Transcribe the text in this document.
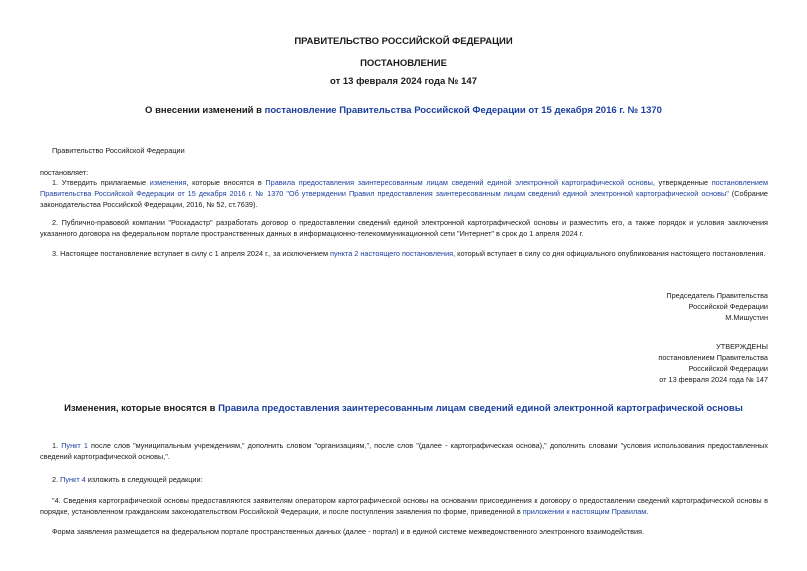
ПРАВИТЕЛЬСТВО РОССИЙСКОЙ ФЕДЕРАЦИИ
ПОСТАНОВЛЕНИЕ
от 13 февраля 2024 года № 147
О внесении изменений в постановление Правительства Российской Федерации от 15 декабря 2016 г. № 1370
Правительство Российской Федерации
постановляет:
1. Утвердить прилагаемые изменения, которые вносятся в Правила предоставления заинтересованным лицам сведений единой электронной картографической основы, утвержденные постановлением Правительства Российской Федерации от 15 декабря 2016 г. № 1370 "Об утверждении Правил предоставления заинтересованным лицам сведений единой электронной картографической основы" (Собрание законодательства Российской Федерации, 2016, № 52, ст.7639).
2. Публично-правовой компании "Роскадастр" разработать договор о предоставлении сведений единой электронной картографической основы и разместить его, а также порядок и условия заключения указанного договора на федеральном портале пространственных данных в информационно-телекоммуникационной сети "Интернет" в срок до 1 апреля 2024 г.
3. Настоящее постановление вступает в силу с 1 апреля 2024 г., за исключением пункта 2 настоящего постановления, который вступает в силу со дня официального опубликования настоящего постановления.
Председатель Правительства
Российской Федерации
М.Мишустин
УТВЕРЖДЕНЫ
постановлением Правительства
Российской Федерации
от 13 февраля 2024 года № 147
Изменения, которые вносятся в Правила предоставления заинтересованным лицам сведений единой электронной картографической основы
1. Пункт 1 после слов "муниципальным учреждениям," дополнить словом "организациям,", после слов "(далее - картографическая основа)," дополнить словами "условия использования предоставленных сведений картографической основы,".
2. Пункт 4 изложить в следующей редакции:
"4. Сведения картографической основы предоставляются заявителям оператором картографической основы на основании присоединения к договору о предоставлении сведений картографической основы в порядке, установленном гражданским законодательством Российской Федерации, и после поступления заявления по форме, приведенной в приложении к настоящим Правилам.
Форма заявления размещается на федеральном портале пространственных данных (далее - портал) и в единой системе межведомственного электронного взаимодействия.
